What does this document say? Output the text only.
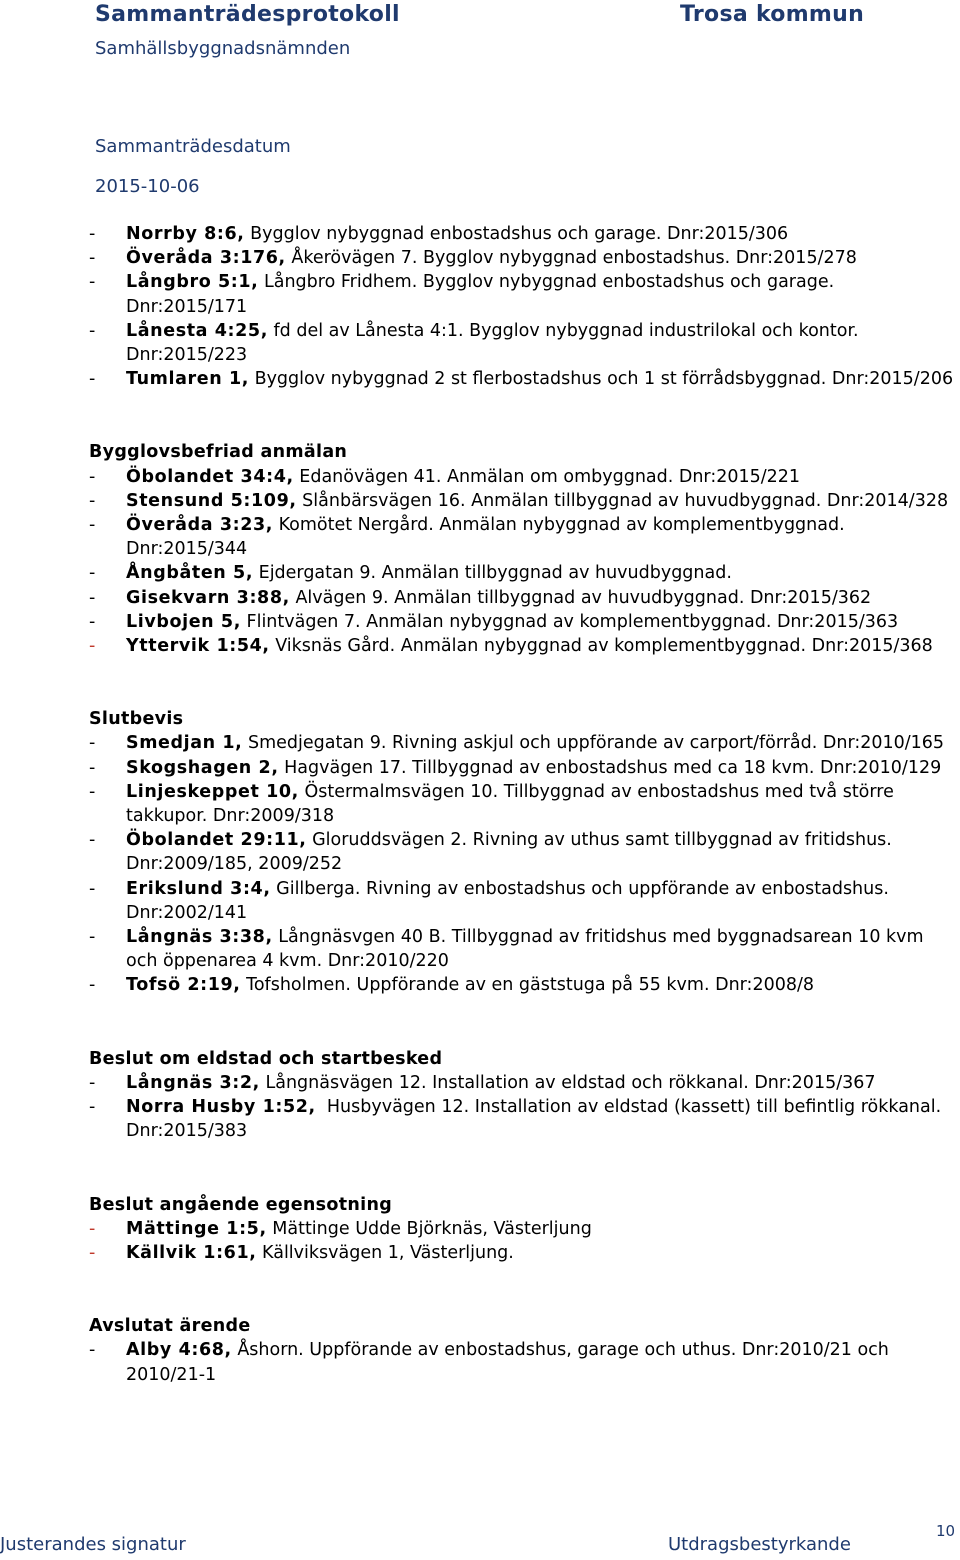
Sammanträdesprotokoll	Trosa kommun
Samhällsbyggnadsnämnden
Sammanträdesdatum
2015-10-06
- Norrby 8:6, Bygglov nybyggnad enbostadshus och garage. Dnr:2015/306
- Överåda 3:176, Åkerövägen 7. Bygglov nybyggnad enbostadshus. Dnr:2015/278
- Långbro 5:1, Långbro Fridhem. Bygglov nybyggnad enbostadshus och garage. Dnr:2015/171
- Lånesta 4:25, fd del av Lånesta 4:1. Bygglov nybyggnad industrilokal och kontor. Dnr:2015/223
- Tumlaren 1, Bygglov nybyggnad 2 st flerbostadshus och 1 st förrådsbyggnad. Dnr:2015/206
Bygglovsbefriad anmälan
- Öbolandet 34:4, Edanövägen 41. Anmälan om ombyggnad. Dnr:2015/221
- Stensund 5:109, Slånbärsvägen 16. Anmälan tillbyggnad av huvudbyggnad. Dnr:2014/328
- Överåda 3:23, Komötet Nergård. Anmälan nybyggnad av komplementbyggnad. Dnr:2015/344
- Ångbåten 5, Ejdergatan 9. Anmälan tillbyggnad av huvudbyggnad.
- Gisekvarn 3:88, Alvägen 9. Anmälan tillbyggnad av huvudbyggnad. Dnr:2015/362
- Livbojen 5, Flintvägen 7. Anmälan nybyggnad av komplementbyggnad. Dnr:2015/363
- Yttervik 1:54, Viksnäs Gård. Anmälan nybyggnad av komplementbyggnad. Dnr:2015/368
Slutbevis
- Smedjan 1, Smedjegatan 9. Rivning askjul och uppförande av carport/förråd. Dnr:2010/165
- Skogshagen 2, Hagvägen 17. Tillbyggnad av enbostadshus med ca 18 kvm. Dnr:2010/129
- Linjeskeppet 10, Östermalmsvägen 10. Tillbyggnad av enbostadshus med två större takkupor. Dnr:2009/318
- Öbolandet 29:11, Gloruddsvägen 2. Rivning av uthus samt tillbyggnad av fritidshus. Dnr:2009/185, 2009/252
- Erikslund 3:4, Gillberga. Rivning av enbostadshus och uppförande av enbostadshus. Dnr:2002/141
- Långnäs 3:38, Långnäsvgen 40 B. Tillbyggnad av fritidshus med byggnadsarean 10 kvm och öppenarea 4 kvm. Dnr:2010/220
- Tofsö 2:19, Tofsholmen. Uppförande av en gäststuga på 55 kvm. Dnr:2008/8
Beslut om eldstad och startbesked
- Långnäs 3:2, Långnäsvägen 12. Installation av eldstad och rökkanal. Dnr:2015/367
- Norra Husby 1:52,  Husbyvägen 12. Installation av eldstad (kassett) till befintlig rökkanal. Dnr:2015/383
Beslut angående egensotning
- Mättinge 1:5, Mättinge Udde Björknäs, Västerljung
- Källvik 1:61, Källviksvägen 1, Västerljung.
Avslutat ärende
- Alby 4:68, Åshorn. Uppförande av enbostadshus, garage och uthus. Dnr:2010/21 och 2010/21-1
Justerandes signatur	Utdragsbestyrkande
10
